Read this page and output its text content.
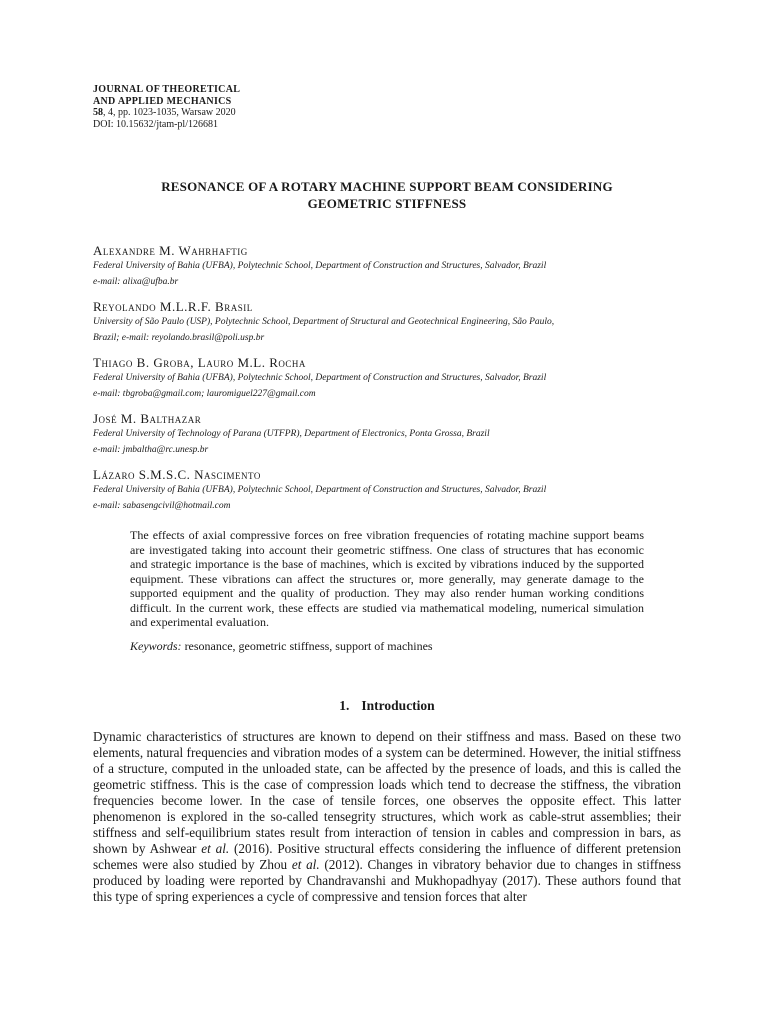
JOURNAL OF THEORETICAL
AND APPLIED MECHANICS
58, 4, pp. 1023-1035, Warsaw 2020
DOI: 10.15632/jtam-pl/126681
RESONANCE OF A ROTARY MACHINE SUPPORT BEAM CONSIDERING
GEOMETRIC STIFFNESS
Alexandre M. Wahrhaftig
Federal University of Bahia (UFBA), Polytechnic School, Department of Construction and Structures, Salvador, Brazil
e-mail: alixa@ufba.br
Reyolando M.L.R.F. Brasil
University of São Paulo (USP), Polytechnic School, Department of Structural and Geotechnical Engineering, São Paulo,
Brazil; e-mail: reyolando.brasil@poli.usp.br
Thiago B. Groba, Lauro M.L. Rocha
Federal University of Bahia (UFBA), Polytechnic School, Department of Construction and Structures, Salvador, Brazil
e-mail: tbgroba@gmail.com; lauromiguel227@gmail.com
José M. Balthazar
Federal University of Technology of Parana (UTFPR), Department of Electronics, Ponta Grossa, Brazil
e-mail: jmbaltha@rc.unesp.br
Lázaro S.M.S.C. Nascimento
Federal University of Bahia (UFBA), Polytechnic School, Department of Construction and Structures, Salvador, Brazil
e-mail: sabasengcivil@hotmail.com

The effects of axial compressive forces on free vibration frequencies of rotating machine support beams are investigated taking into account their geometric stiffness. One class of structures that has economic and strategic importance is the base of machines, which is excited by vibrations induced by the supported equipment. These vibrations can affect the structures or, more generally, may generate damage to the supported equipment and the quality of production. They may also render human working conditions difficult. In the current work, these effects are studied via mathematical modeling, numerical simulation and experimental evaluation.

Keywords: resonance, geometric stiffness, support of machines
1. Introduction

Dynamic characteristics of structures are known to depend on their stiffness and mass. Based on these two elements, natural frequencies and vibration modes of a system can be determined. However, the initial stiffness of a structure, computed in the unloaded state, can be affected by the presence of loads, and this is called the geometric stiffness. This is the case of compression loads which tend to decrease the stiffness, the vibration frequencies become lower. In the case of tensile forces, one observes the opposite effect. This latter phenomenon is explored in the so-called tensegrity structures, which work as cable-strut assemblies; their stiffness and self-equilibrium states result from interaction of tension in cables and compression in bars, as shown by Ashwear et al. (2016). Positive structural effects considering the influence of different pretension schemes were also studied by Zhou et al. (2012). Changes in vibratory behavior due to changes in stiffness produced by loading were reported by Chandravanshi and Mukhopadhyay (2017). These authors found that this type of spring experiences a cycle of compressive and tension forces that alter
